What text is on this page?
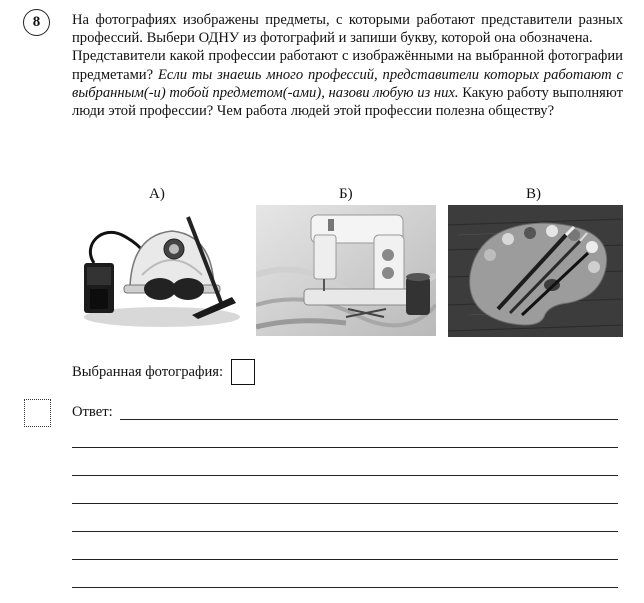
8 На фотографиях изображены предметы, с которыми работают представители разных профессий. Выбери ОДНУ из фотографий и запиши букву, которой она обозначена.

Представители какой профессии работают с изображёнными на выбранной фотографии предметами? Если ты знаешь много профессий, представители которых работают с выбранным(-и) тобой предметом(-ами), назови любую из них. Какую работу выполняют люди этой профессии? Чем работа людей этой профессии полезна обществу?

А)	Б)	В)
Выбранная фотография:
Ответ:
